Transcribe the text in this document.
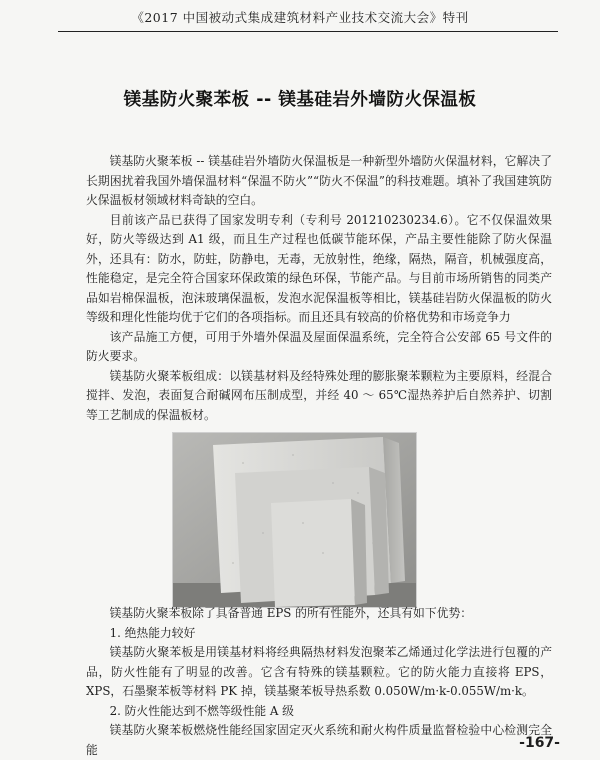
《2017 中国被动式集成建筑材料产业技术交流大会》特刊
镁基防火聚苯板 -- 镁基硅岩外墙防火保温板

镁基防火聚苯板 -- 镁基硅岩外墙防火保温板是一种新型外墙防火保温材料，它解决了长期困扰着我国外墙保温材料“保温不防火”“防火不保温”的科技难题。填补了我国建筑防火保温板材领域材料奇缺的空白。

目前该产品已获得了国家发明专利（专利号 201210230234.6）。它不仅保温效果好，防火等级达到 A1 级，而且生产过程也低碳节能环保，产品主要性能除了防火保温外，还具有：防水，防蛀，防静电，无毒，无放射性，绝缘，隔热，隔音，机械强度高，性能稳定，是完全符合国家环保政策的绿色环保，节能产品。与目前市场所销售的同类产品如岩棉保温板，泡沫玻璃保温板，发泡水泥保温板等相比，镁基硅岩防火保温板的防火等级和理化性能均优于它们的各项指标。而且还具有较高的价格优势和市场竞争力

该产品施工方便，可用于外墙外保温及屋面保温系统，完全符合公安部 65 号文件的防火要求。

镁基防火聚苯板组成：以镁基材料及经特殊处理的膨胀聚苯颗粒为主要原料，经混合搅拌、发泡，表面复合耐碱网布压制成型，并经 40 ～ 65℃湿热养护后自然养护、切割等工艺制成的保温板材。

镁基防火聚苯板除了具备普通 EPS 的所有性能外，还具有如下优势：

1. 绝热能力较好

镁基防火聚苯板是用镁基材料将经典隔热材料发泡聚苯乙烯通过化学法进行包覆的产品，防火性能有了明显的改善。它含有特殊的镁基颗粒。它的防火能力直接将 EPS，XPS，石墨聚苯板等材料 PK 掉，镁基聚苯板导热系数 0.050W/m·k-0.055W/m·k。

2. 防火性能达到不燃等级性能 A 级

镁基防火聚苯板燃烧性能经国家固定灭火系统和耐火构件质量监督检验中心检测完全能	-167-
